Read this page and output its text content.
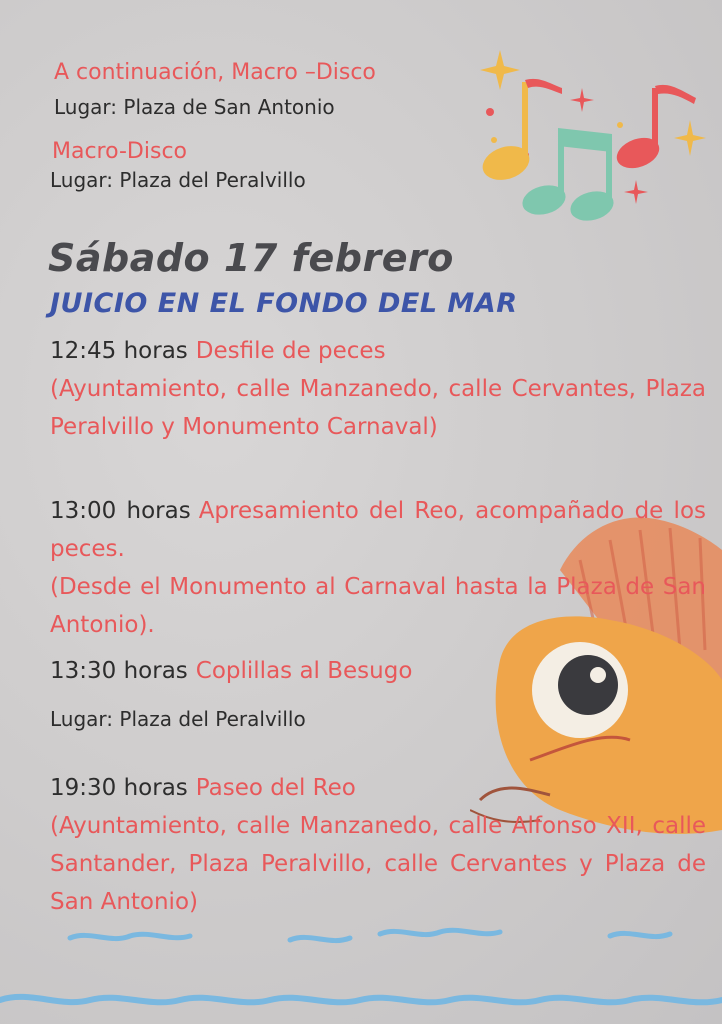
A continuación, Macro –Disco
Lugar: Plaza de San Antonio
Macro-Disco
Lugar: Plaza del Peralvillo
Sábado 17 febrero
JUICIO EN EL FONDO DEL MAR
12:45 horas Desfile de peces
(Ayuntamiento, calle Manzanedo, calle Cervantes, Plaza Peralvillo y Monumento Carnaval)
13:00 horas Apresamiento del Reo, acompañado de los peces.
(Desde el Monumento al Carnaval hasta la Plaza de San Antonio).
13:30 horas Coplillas al Besugo
Lugar: Plaza del Peralvillo
19:30 horas Paseo del Reo
(Ayuntamiento, calle Manzanedo, calle Alfonso XII, calle Santander, Plaza Peralvillo, calle Cervantes y Plaza de San Antonio)
